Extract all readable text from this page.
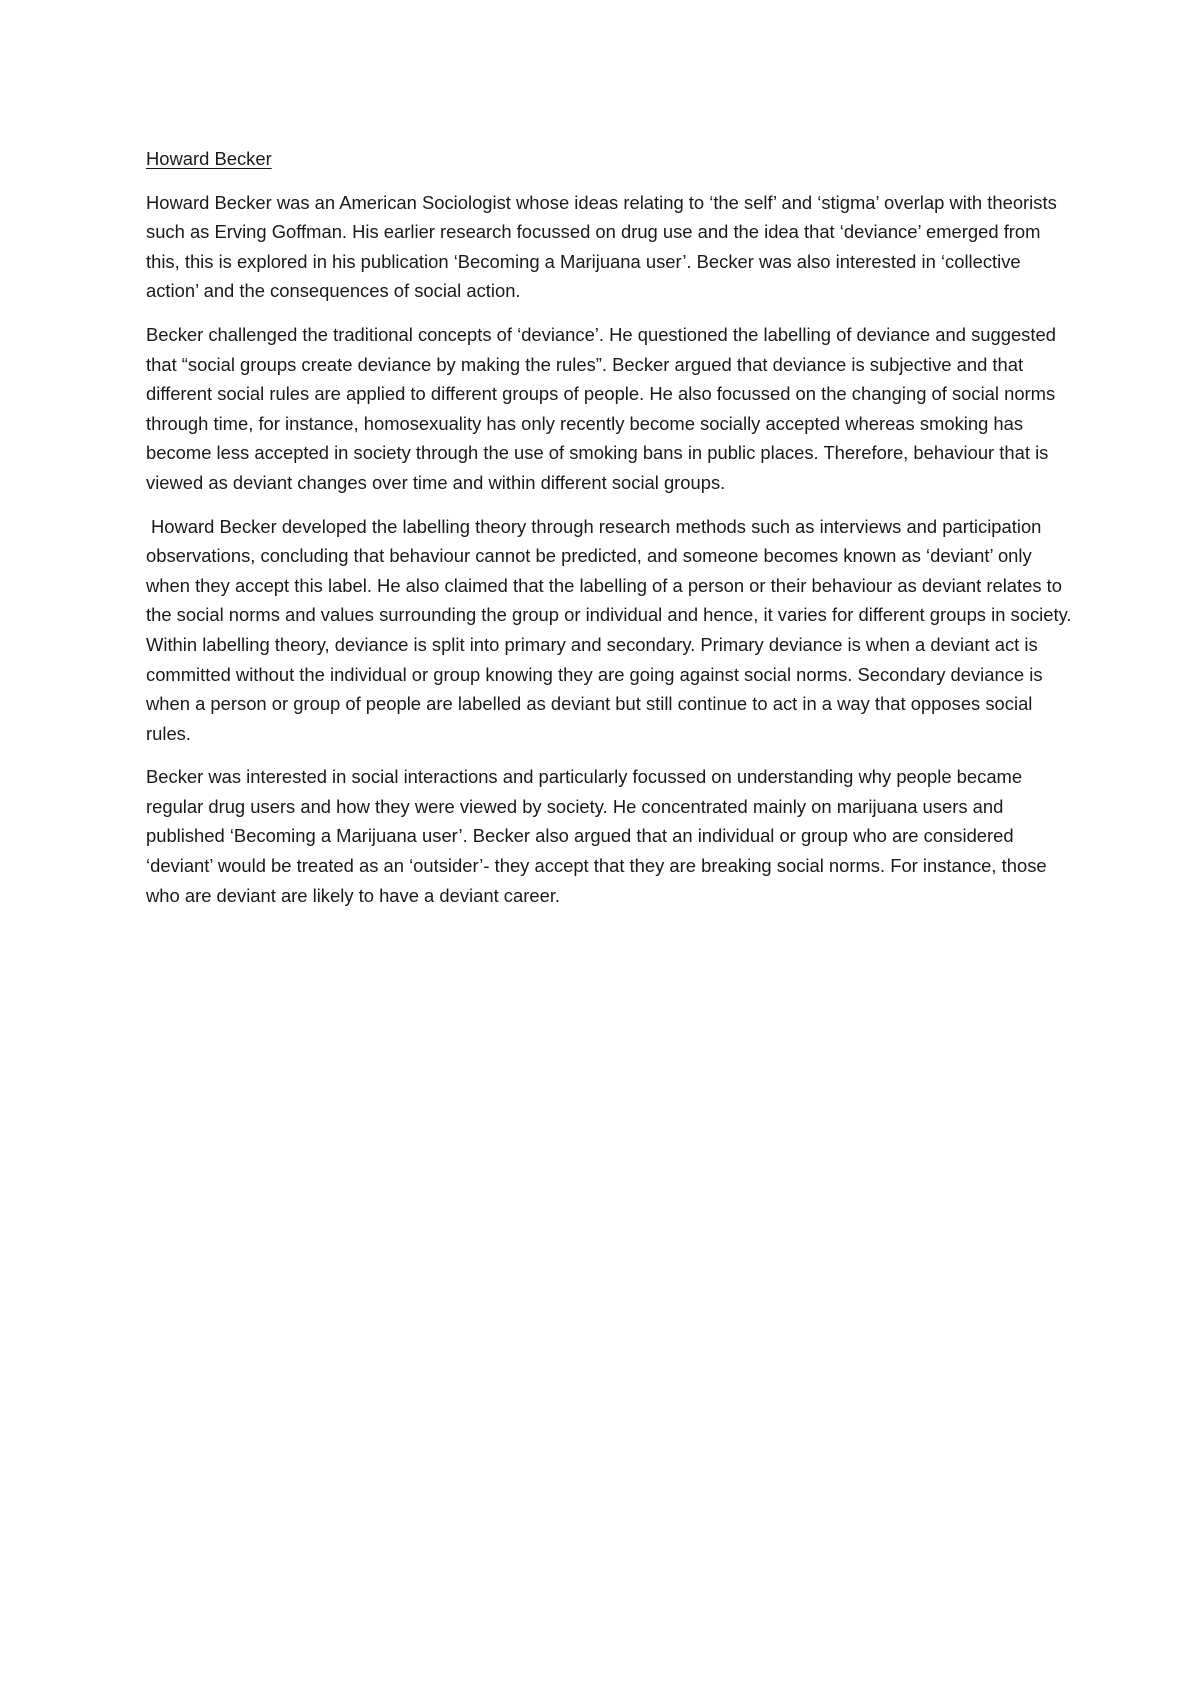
Howard Becker

Howard Becker was an American Sociologist whose ideas relating to ‘the self’ and ‘stigma’ overlap with theorists such as Erving Goffman. His earlier research focussed on drug use and the idea that ‘deviance’ emerged from this, this is explored in his publication ‘Becoming a Marijuana user’. Becker was also interested in ‘collective action’ and the consequences of social action.

Becker challenged the traditional concepts of ‘deviance’. He questioned the labelling of deviance and suggested that “social groups create deviance by making the rules”. Becker argued that deviance is subjective and that different social rules are applied to different groups of people. He also focussed on the changing of social norms through time, for instance, homosexuality has only recently become socially accepted whereas smoking has become less accepted in society through the use of smoking bans in public places. Therefore, behaviour that is viewed as deviant changes over time and within different social groups.

Howard Becker developed the labelling theory through research methods such as interviews and participation observations, concluding that behaviour cannot be predicted, and someone becomes known as ‘deviant’ only when they accept this label. He also claimed that the labelling of a person or their behaviour as deviant relates to the social norms and values surrounding the group or individual and hence, it varies for different groups in society. Within labelling theory, deviance is split into primary and secondary. Primary deviance is when a deviant act is committed without the individual or group knowing they are going against social norms. Secondary deviance is when a person or group of people are labelled as deviant but still continue to act in a way that opposes social rules.

Becker was interested in social interactions and particularly focussed on understanding why people became regular drug users and how they were viewed by society. He concentrated mainly on marijuana users and published ‘Becoming a Marijuana user’. Becker also argued that an individual or group who are considered ‘deviant’ would be treated as an ‘outsider’- they accept that they are breaking social norms. For instance, those who are deviant are likely to have a deviant career.
